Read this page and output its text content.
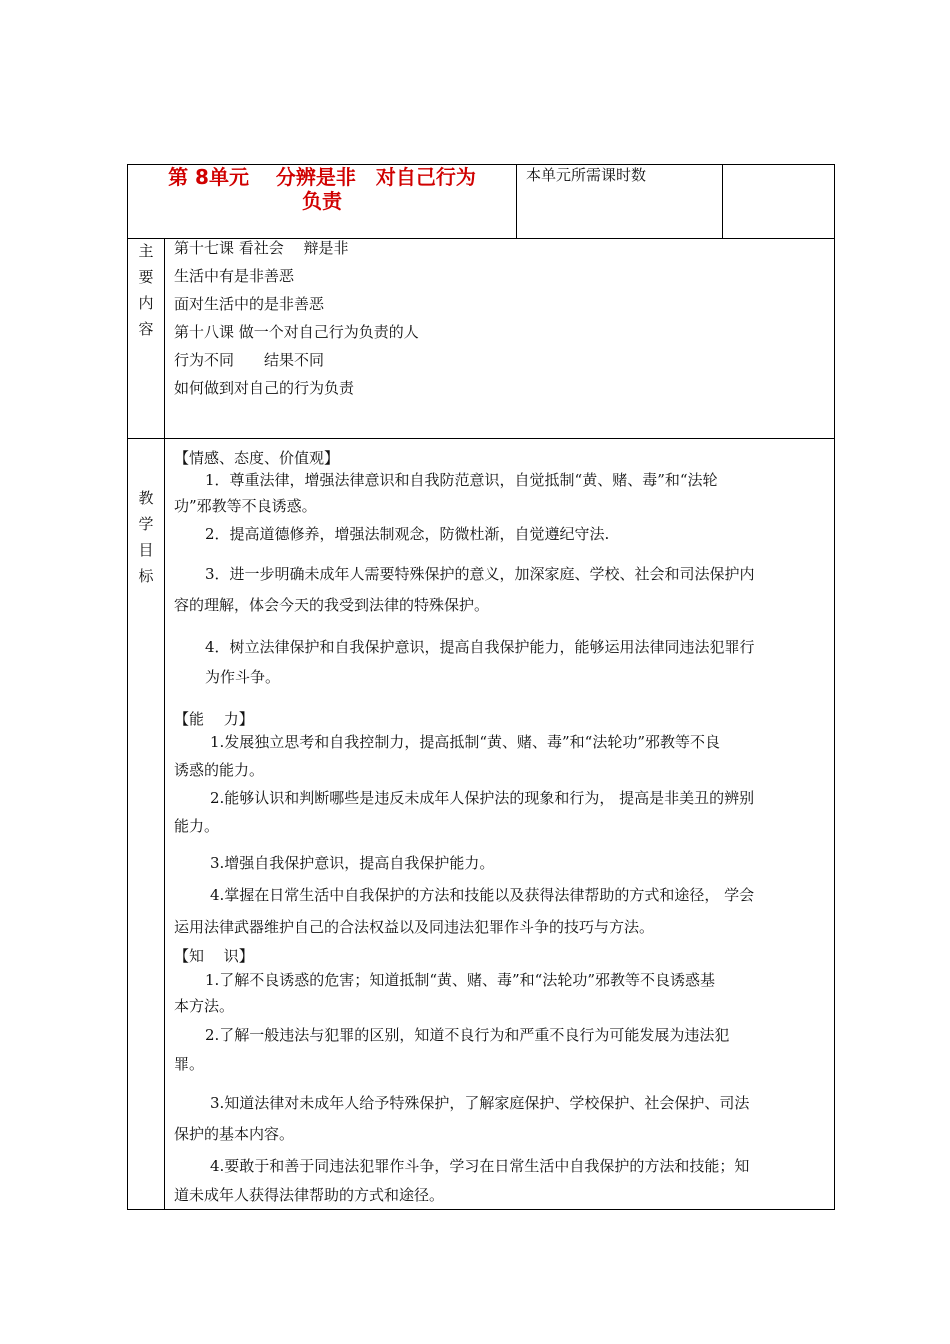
第 8单元　 分辨是非　对自己行为
负责
本单元所需课时数
主
要
内
容
第十七课 看社会　 辩是非
生活中有是非善恶
面对生活中的是非善恶
第十八课 做一个对自己行为负责的人
行为不同　　结果不同
如何做到对自己的行为负责
教
学
目
标
【情感、态度、价值观】
1．尊重法律，增强法律意识和自我防范意识，自觉抵制“黄、赌、毒”和“法轮
功”邪教等不良诱惑。
2．提高道德修养，增强法制观念，防微杜渐，自觉遵纪守法.
3．进一步明确未成年人需要特殊保护的意义，加深家庭、学校、社会和司法保护内
容的理解，体会今天的我受到法律的特殊保护。
4．树立法律保护和自我保护意识，提高自我保护能力，能够运用法律同违法犯罪行
为作斗争。
【能　 力】
1.发展独立思考和自我控制力，提高抵制“黄、赌、毒”和“法轮功”邪教等不良
诱惑的能力。
2.能够认识和判断哪些是违反未成年人保护法的现象和行为， 提高是非美丑的辨别
能力。
3.增强自我保护意识，提高自我保护能力。
4.掌握在日常生活中自我保护的方法和技能以及获得法律帮助的方式和途径， 学会
运用法律武器维护自己的合法权益以及同违法犯罪作斗争的技巧与方法。
【知　 识】
1.了解不良诱惑的危害；知道抵制“黄、赌、毒”和“法轮功”邪教等不良诱惑基
本方法。
2.了解一般违法与犯罪的区别，知道不良行为和严重不良行为可能发展为违法犯
罪。
3.知道法律对未成年人给予特殊保护，了解家庭保护、学校保护、社会保护、司法
保护的基本内容。
4.要敢于和善于同违法犯罪作斗争，学习在日常生活中自我保护的方法和技能；知
道未成年人获得法律帮助的方式和途径。
